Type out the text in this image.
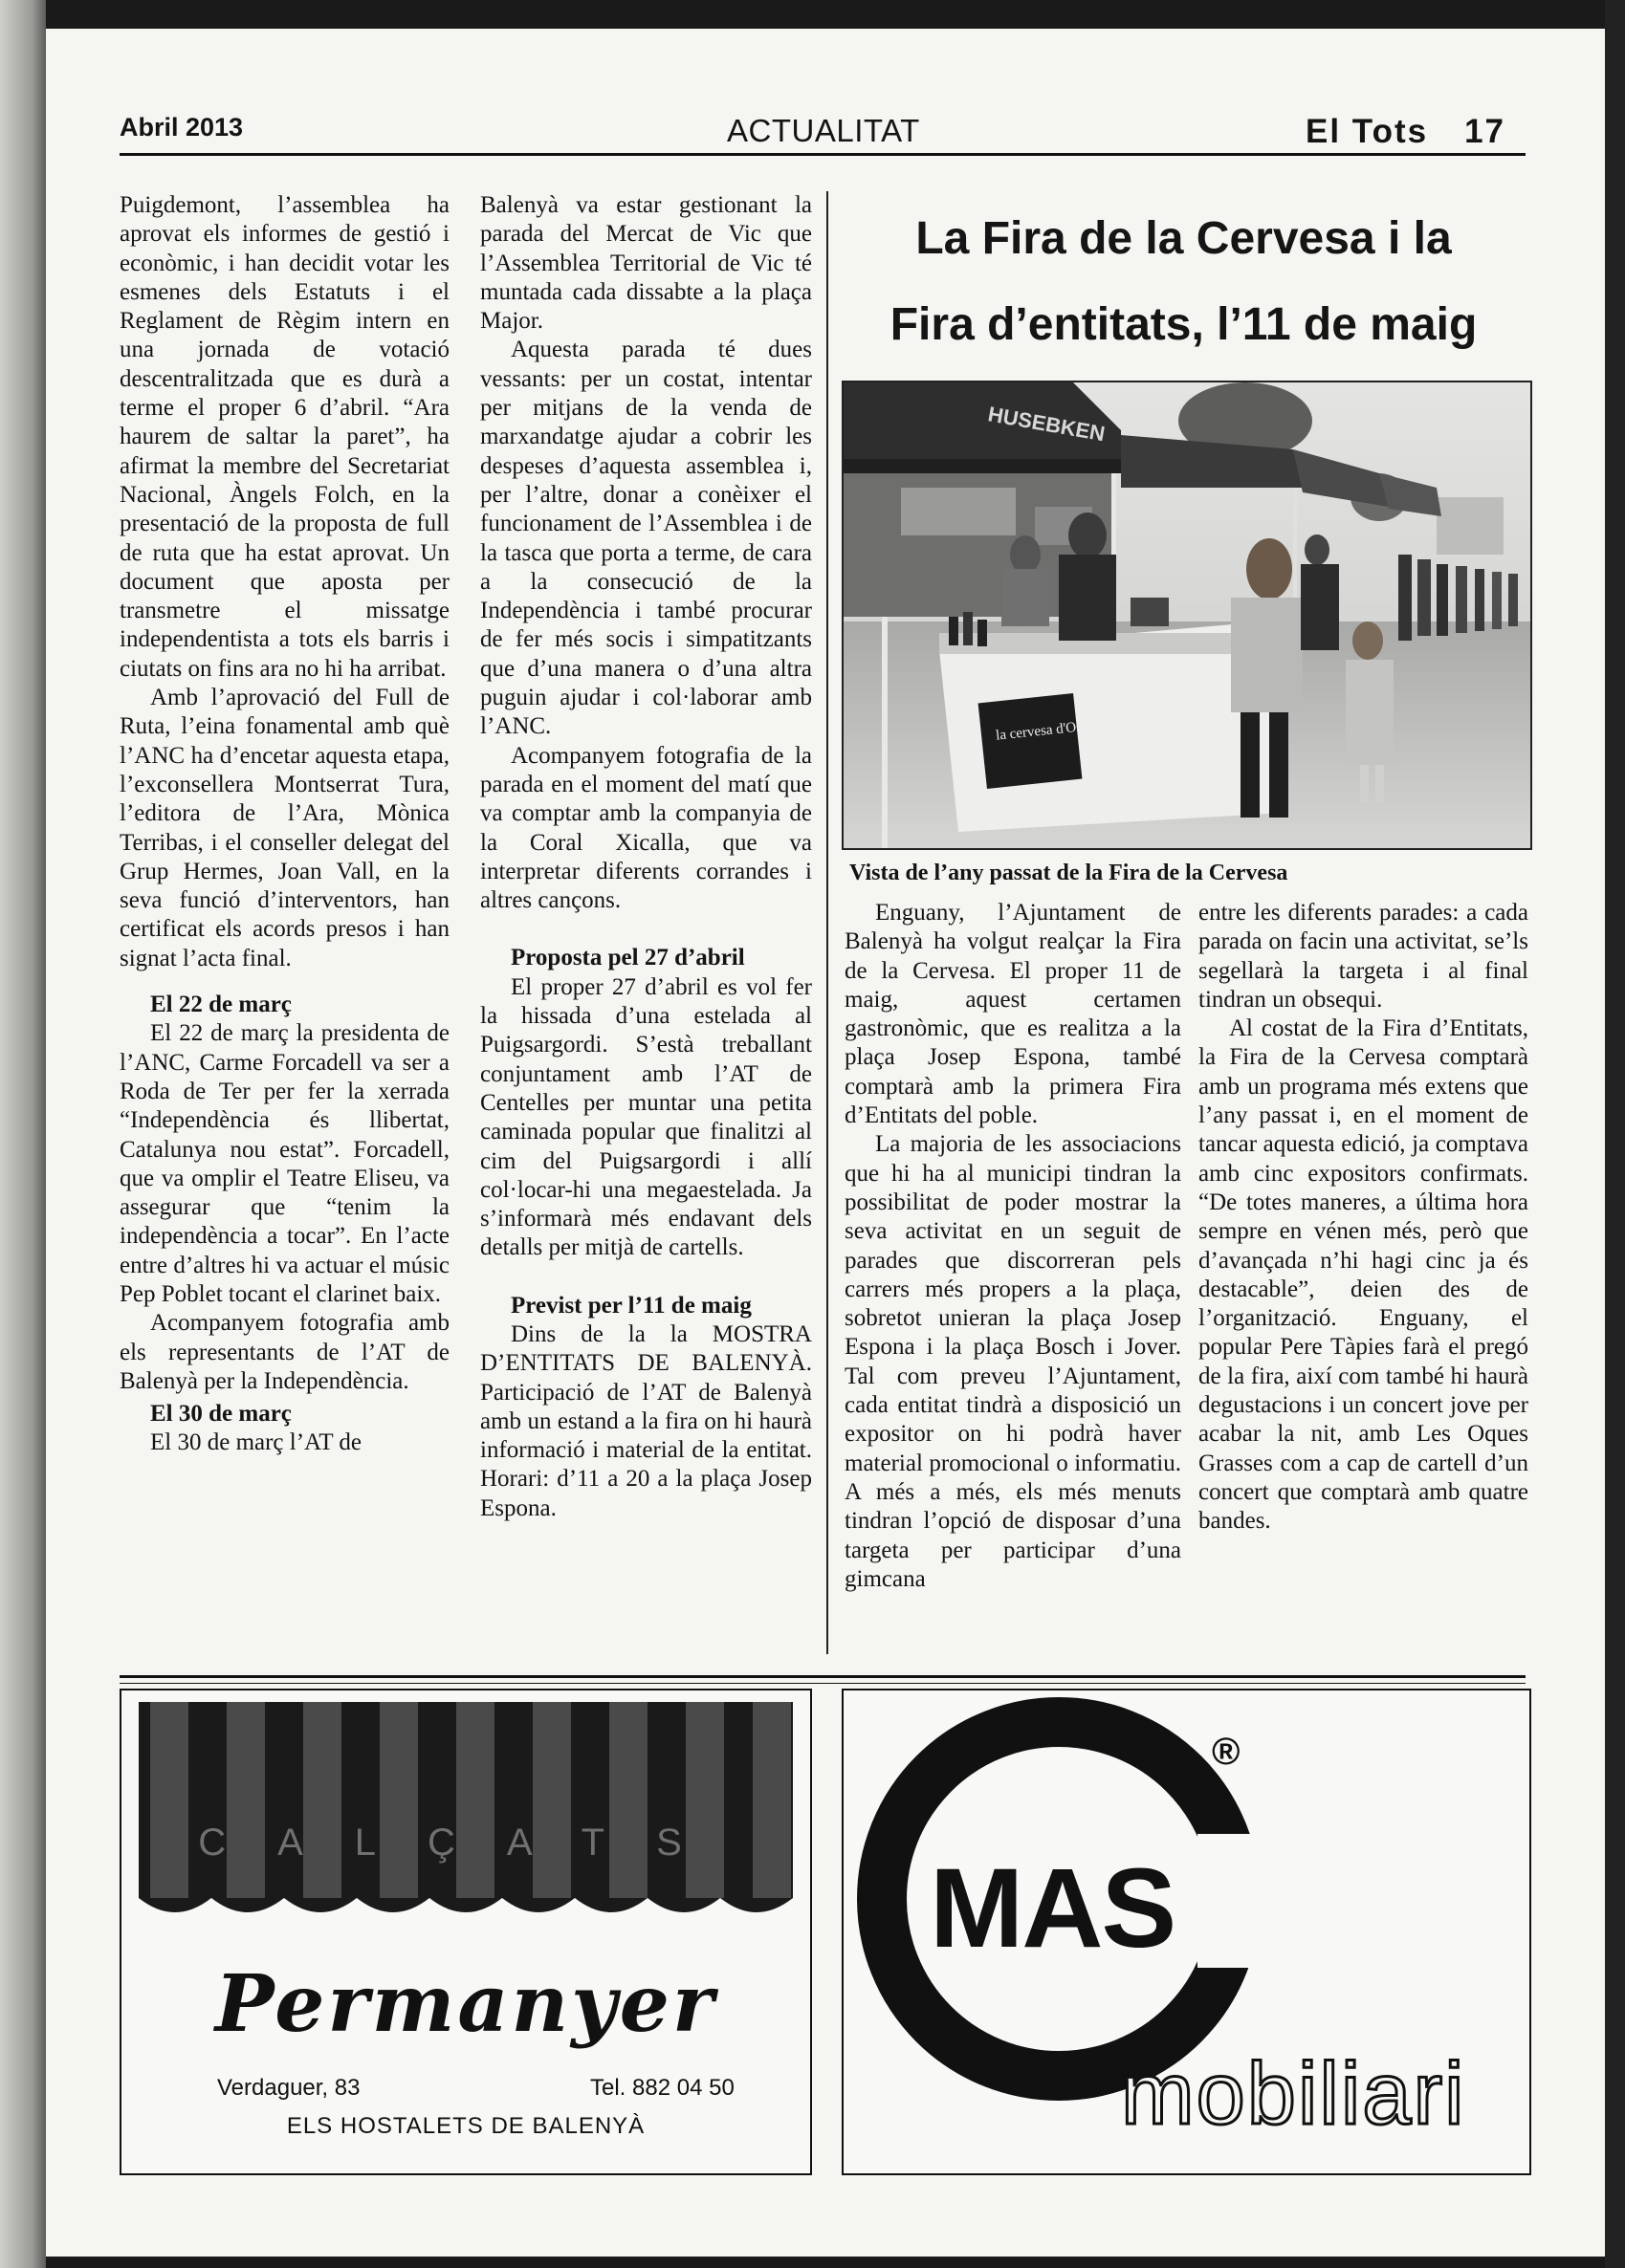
Abril 2013	ACTUALITAT	El Tots 17

Puigdemont, l’assemblea ha aprovat els informes de gestió i econòmic, i han decidit votar les esmenes dels Estatuts i el Reglament de Règim intern en una jornada de votació descentralitzada que es durà a terme el proper 6 d’abril. “Ara haurem de saltar la paret”, ha afirmat la membre del Secretariat Nacional, Àngels Folch, en la presentació de la proposta de full de ruta que ha estat aprovat. Un document que aposta per transmetre el missatge independentista a tots els barris i ciutats on fins ara no hi ha arribat.

Amb l’aprovació del Full de Ruta, l’eina fonamental amb què l’ANC ha d’encetar aquesta etapa, l’exconsellera Montserrat Tura, l’editora de l’Ara, Mònica Terribas, i el conseller delegat del Grup Hermes, Joan Vall, en la seva funció d’interventors, han certificat els acords presos i han signat l’acta final.

El 22 de març

El 22 de març la presidenta de l’ANC, Carme Forcadell va ser a Roda de Ter per fer la xerrada “Independència és llibertat, Catalunya nou estat”. Forcadell, que va omplir el Teatre Eliseu, va assegurar que “tenim la independència a tocar”. En l’acte entre d’altres hi va actuar el músic Pep Poblet tocant el clarinet baix.

Acompanyem fotografia amb els representants de l’AT de Balenyà per la Independència.

El 30 de març

El 30 de març l’AT de

Balenyà va estar gestionant la parada del Mercat de Vic que l’Assemblea Territorial de Vic té muntada cada dissabte a la plaça Major.

Aquesta parada té dues vessants: per un costat, intentar per mitjans de la venda de marxandatge ajudar a cobrir les despeses d’aquesta assemblea i, per l’altre, donar a conèixer el funcionament de l’Assemblea i de la tasca que porta a terme, de cara a la consecució de la Independència i també procurar de fer més socis i simpatitzants que d’una manera o d’una altra puguin ajudar i col·laborar amb l’ANC.

Acompanyem fotografia de la parada en el moment del matí que va comptar amb la companyia de la Coral Xicalla, que va interpretar diferents corrandes i altres cançons.

Proposta pel 27 d’abril

El proper 27 d’abril es vol fer la hissada d’una estelada al Puigsargordi. S’està treballant conjuntament amb l’AT de Centelles per muntar una petita caminada popular que finalitzi al cim del Puigsargordi i allí col·locar-hi una megaestelada. Ja s’informarà més endavant dels detalls per mitjà de cartells.

Previst per l’11 de maig

Dins de la la MOSTRA D’ENTITATS DE BALENYÀ. Participació de l’AT de Balenyà amb un estand a la fira on hi haurà informació i material de la entitat. Horari: d’11 a 20 a la plaça Josep Espona.

La Fira de la Cervesa i la
Fira d’entitats, l’11 de maig
HUSEBKEN
la cervesa d'Osona
Vista de l’any passat de la Fira de la Cervesa

Enguany, l’Ajuntament de Balenyà ha volgut realçar la Fira de la Cervesa. El proper 11 de maig, aquest certamen gastronòmic, que es realitza a la plaça Josep Espona, també comptarà amb la primera Fira d’Entitats del poble.

La majoria de les associacions que hi ha al municipi tindran la possibilitat de poder mostrar la seva activitat en un seguit de parades que discorreran pels carrers més propers a la plaça, sobretot unieran la plaça Josep Espona i la plaça Bosch i Jover. Tal com preveu l’Ajuntament, cada entitat tindrà a disposició un expositor on hi podrà haver material promocional o informatiu. A més a més, els més menuts tindran l’opció de disposar d’una targeta per participar d’una gimcana

entre les diferents parades: a cada parada on facin una activitat, se’ls segellarà la targeta i al final tindran un obsequi.

Al costat de la Fira d’Entitats, la Fira de la Cervesa comptarà amb un programa més extens que l’any passat i, en el moment de tancar aquesta edició, ja comptava amb cinc expositors confirmats. “De totes maneres, a última hora sempre en vénen més, però que d’avançada n’hi hagi cinc ja és destacable”, deien des de l’organització. Enguany, el popular Pere Tàpies farà el pregó de la fira, així com també hi haurà degustacions i un concert jove per acabar la nit, amb Les Oques Grasses com a cap de cartell d’un concert que comptarà amb quatre bandes.

CALÇATS
Permanyer
Verdaguer, 83	Tel. 882 04 50
ELS HOSTALETS DE BALENYÀ
MAS
®
mobiliari
